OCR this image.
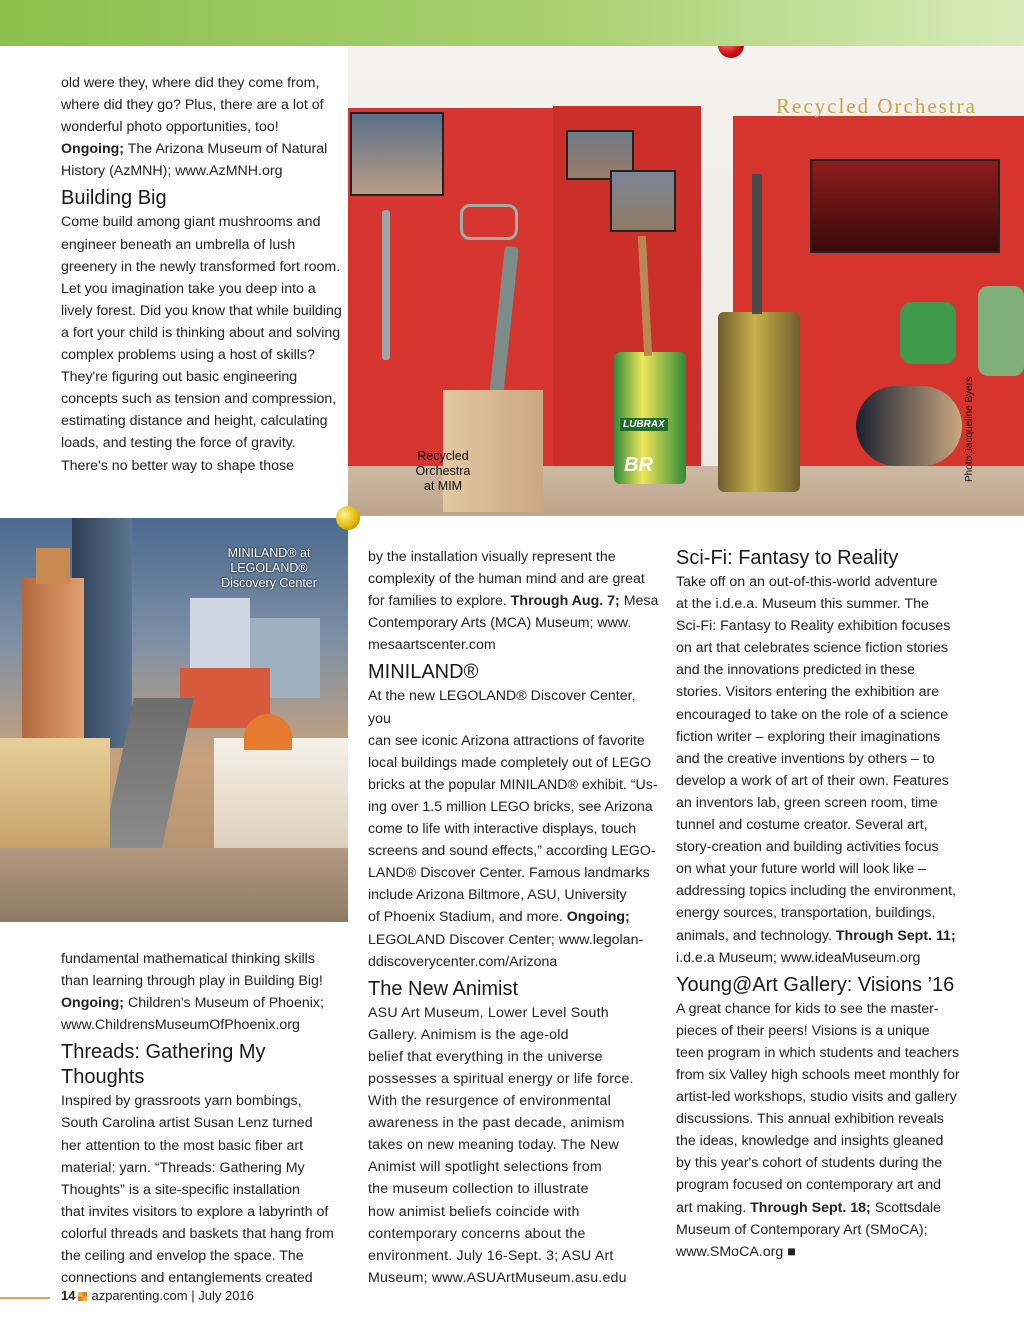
old were they, where did they come from,
where did they go? Plus, there are a lot of
wonderful photo opportunities, too!
Ongoing; The Arizona Museum of Natural
History (AzMNH); www.AzMNH.org

Building Big

Come build among giant mushrooms and
engineer beneath an umbrella of lush
greenery in the newly transformed fort room.
Let you imagination take you deep into a
lively forest. Did you know that while building
a fort your child is thinking about and solving
complex problems using a host of skills?
They're figuring out basic engineering
concepts such as tension and compression,
estimating distance and height, calculating
loads, and testing the force of gravity.
There's no better way to shape those

Recycled Orchestra
LUBRAX
BR
Recycled
Orchestra
at MIM
Photo:Jacqueline Byers
MINILAND® at
LEGOLAND®
Discovery Center

fundamental mathematical thinking skills
than learning through play in Building Big!
Ongoing; Children's Museum of Phoenix;
www.ChildrensMuseumOfPhoenix.org

Threads: Gathering My Thoughts

Inspired by grassroots yarn bombings,
South Carolina artist Susan Lenz turned
her attention to the most basic fiber art
material: yarn. “Threads: Gathering My
Thoughts” is a site-specific installation
that invites visitors to explore a labyrinth of
colorful threads and baskets that hang from
the ceiling and envelop the space. The
connections and entanglements created

by the installation visually represent the
complexity of the human mind and are great
for families to explore. Through Aug. 7; Mesa
Contemporary Arts (MCA) Museum; www.
mesaartscenter.com

MINILAND®

At the new LEGOLAND® Discover Center, you
can see iconic Arizona attractions of favorite
local buildings made completely out of LEGO
bricks at the popular MINILAND® exhibit. “Us-
ing over 1.5 million LEGO bricks, see Arizona
come to life with interactive displays, touch
screens and sound effects,” according LEGO-
LAND® Discover Center. Famous landmarks
include Arizona Biltmore, ASU, University
of Phoenix Stadium, and more. Ongoing;
LEGOLAND Discover Center; www.legolan-
ddiscoverycenter.com/Arizona

The New Animist

ASU Art Museum, Lower Level South
Gallery. Animism is the age-old
belief that everything in the universe
possesses a spiritual energy or life force.
With the resurgence of environmental
awareness in the past decade, animism
takes on new meaning today. The New
Animist will spotlight selections from
the museum collection to illustrate
how animist beliefs coincide with
contemporary concerns about the
environment. July 16-Sept. 3; ASU Art
Museum; www.ASUArtMuseum.asu.edu

Sci-Fi: Fantasy to Reality

Take off on an out-of-this-world adventure
at the i.d.e.a. Museum this summer. The
Sci-Fi: Fantasy to Reality exhibition focuses
on art that celebrates science fiction stories
and the innovations predicted in these
stories. Visitors entering the exhibition are
encouraged to take on the role of a science
fiction writer – exploring their imaginations
and the creative inventions by others – to
develop a work of art of their own. Features
an inventors lab, green screen room, time
tunnel and costume creator. Several art,
story-creation and building activities focus
on what your future world will look like –
addressing topics including the environment,
energy sources, transportation, buildings,
animals, and technology. Through Sept. 11;
i.d.e.a Museum; www.ideaMuseum.org

Young@Art Gallery: Visions ’16

A great chance for kids to see the master-
pieces of their peers! Visions is a unique
teen program in which students and teachers
from six Valley high schools meet monthly for
artist-led workshops, studio visits and gallery
discussions. This annual exhibition reveals
the ideas, knowledge and insights gleaned
by this year's cohort of students during the
program focused on contemporary art and
art making. Through Sept. 18; Scottsdale
Museum of Contemporary Art (SMoCA);
www.SMoCA.org ■

14 azparenting.com | July 2016
